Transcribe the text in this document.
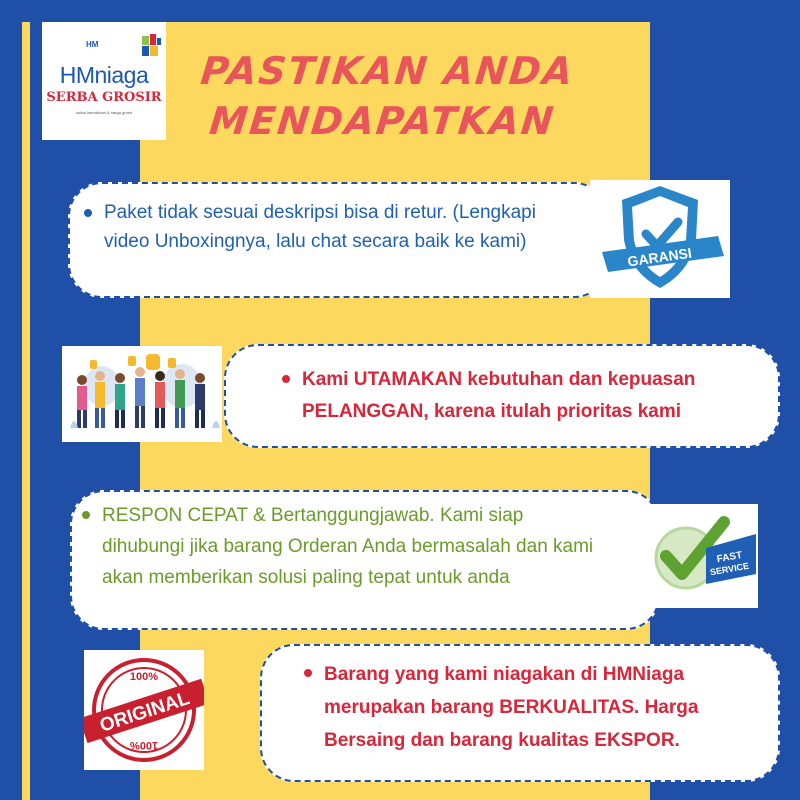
HM
HMniaga
SERBA GROSIR
solusi kebutuhan & harga grosir
PASTIKAN ANDA
MENDAPATKAN
Paket tidak sesuai deskripsi bisa di retur. (Lengkapi video Unboxingnya, lalu chat secara baik ke kami)
GARANSI
Kami UTAMAKAN kebutuhan dan kepuasan PELANGGAN, karena itulah prioritas kami
RESPON CEPAT & Bertanggungjawab. Kami siap dihubungi jika barang Orderan Anda bermasalah dan kami akan memberikan solusi paling tepat untuk anda
FAST
SERVICE
Barang yang kami niagakan di HMNiaga merupakan barang BERKUALITAS. Harga Bersaing dan barang kualitas EKSPOR.
100%
100%
ORIGINAL
